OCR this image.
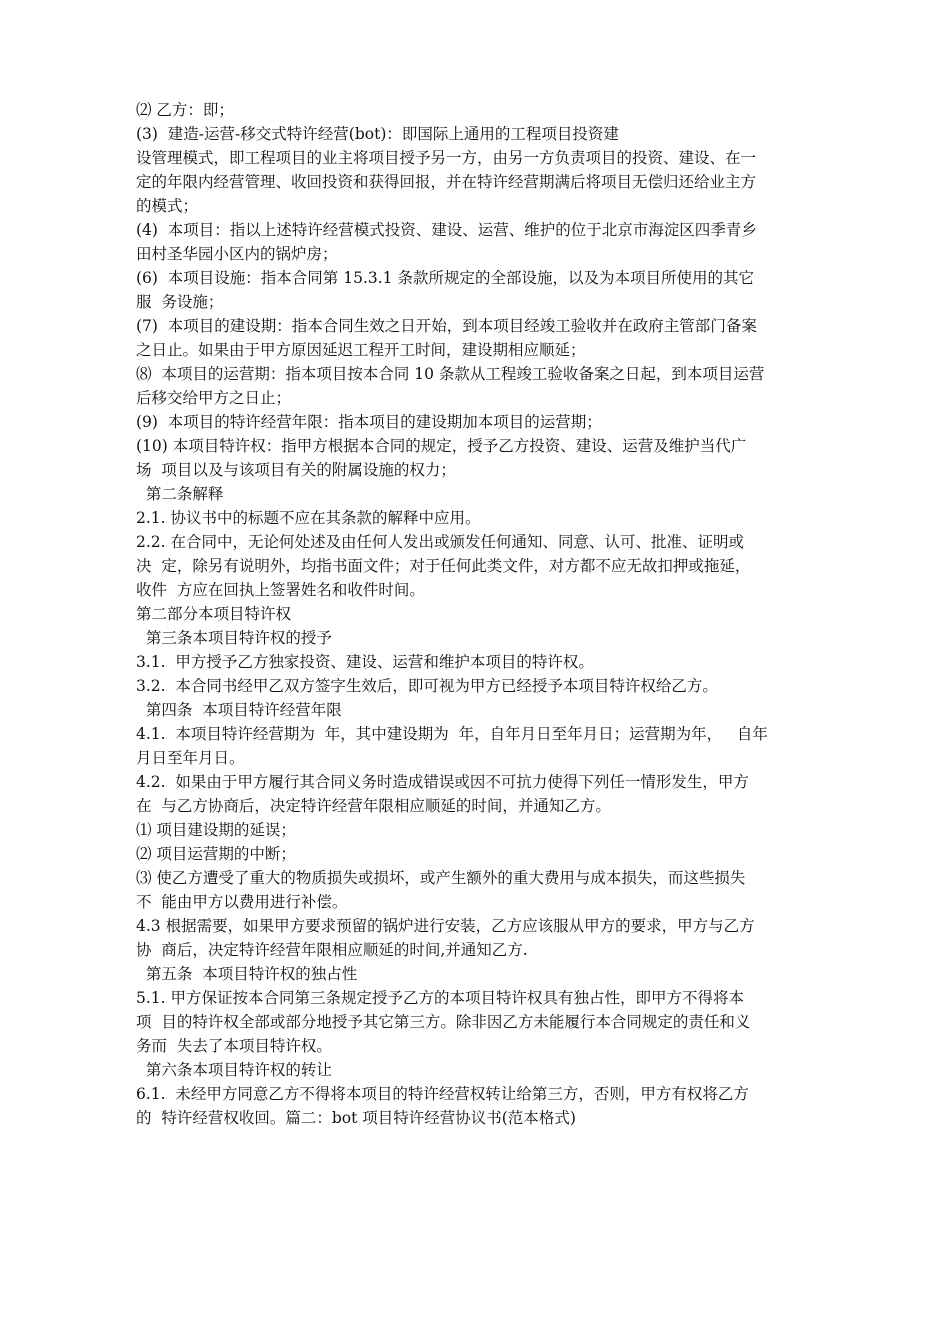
⑵ 乙方：即；
(3)  建造-运营-移交式特许经营(bot)：即国际上通用的工程项目投资建
设管理模式，即工程项目的业主将项目授予另一方，由另一方负责项目的投资、建设、在一
定的年限内经营管理、收回投资和获得回报，并在特许经营期满后将项目无偿归还给业主方
的模式；
(4)  本项目：指以上述特许经营模式投资、建设、运营、维护的位于北京市海淀区四季青乡
田村圣华园小区内的锅炉房；
(6)  本项目设施：指本合同第 15.3.1 条款所规定的全部设施，以及为本项目所使用的其它
服  务设施；
(7)  本项目的建设期：指本合同生效之日开始，到本项目经竣工验收并在政府主管部门备案
之日止。如果由于甲方原因延迟工程开工时间，建设期相应顺延；
⑻  本项目的运营期：指本项目按本合同 10 条款从工程竣工验收备案之日起，到本项目运营
后移交给甲方之日止；
(9)  本项目的特许经营年限：指本项目的建设期加本项目的运营期；
(10) 本项目特许权：指甲方根据本合同的规定，授予乙方投资、建设、运营及维护当代广
场  项目以及与该项目有关的附属设施的权力；
第二条解释
2.1. 协议书中的标题不应在其条款的解释中应用。
2.2. 在合同中，无论何处述及由任何人发出或颁发任何通知、同意、认可、批准、证明或
决  定，除另有说明外，均指书面文件；对于任何此类文件，对方都不应无故扣押或拖延，
收件  方应在回执上签署姓名和收件时间。
第二部分本项目特许权
第三条本项目特许权的授予
3.1.  甲方授予乙方独家投资、建设、运营和维护本项目的特许权。
3.2.  本合同书经甲乙双方签字生效后，即可视为甲方已经授予本项目特许权给乙方。
第四条  本项目特许经营年限
4.1.  本项目特许经营期为  年，其中建设期为  年，自年月日至年月日；运营期为年，   自年
月日至年月日。
4.2.  如果由于甲方履行其合同义务时造成错误或因不可抗力使得下列任一情形发生，甲方
在  与乙方协商后，决定特许经营年限相应顺延的时间，并通知乙方。
⑴ 项目建设期的延误；
⑵ 项目运营期的中断；
⑶ 使乙方遭受了重大的物质损失或损坏，或产生额外的重大费用与成本损失，而这些损失
不  能由甲方以费用进行补偿。
4.3 根据需要，如果甲方要求预留的锅炉进行安装，乙方应该服从甲方的要求，甲方与乙方
协  商后，决定特许经营年限相应顺延的时间,并通知乙方.
第五条  本项目特许权的独占性
5.1. 甲方保证按本合同第三条规定授予乙方的本项目特许权具有独占性，即甲方不得将本
项  目的特许权全部或部分地授予其它第三方。除非因乙方未能履行本合同规定的责任和义
务而  失去了本项目特许权。
第六条本项目特许权的转让
6.1.  未经甲方同意乙方不得将本项目的特许经营权转让给第三方，否则，甲方有权将乙方
的  特许经营权收回。篇二：bot 项目特许经营协议书(范本格式)
